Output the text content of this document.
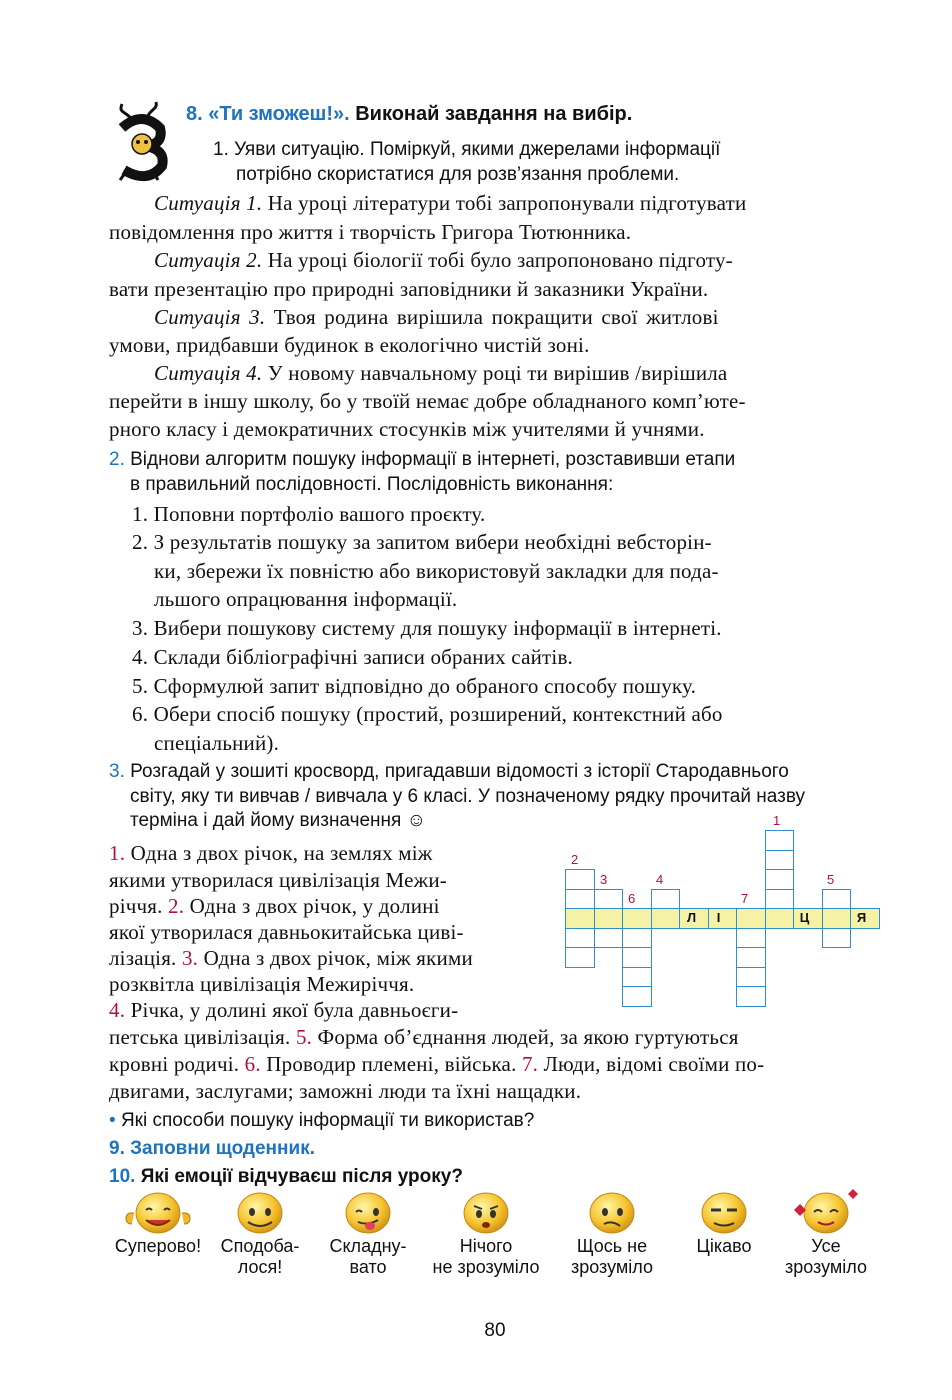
8. «Ти зможеш!». Виконай завдання на вибір.
1. Уяви ситуацію. Поміркуй, якими джерелами інформації
потрібно скористатися для розв’язання проблеми.
Ситуація 1. На уроці літератури тобі запропонували підготувати
повідомлення про життя і творчість Григора Тютюнника.
Ситуація 2. На уроці біології тобі було запропоновано підготу-
вати презентацію про природні заповідники й заказники України.
Ситуація 3. Твоя родина вирішила покращити свої житлові
умови, придбавши будинок в екологічно чистій зоні.
Ситуація 4. У новому навчальному році ти вирішив /вирішила
перейти в іншу школу, бо у твоїй немає добре обладнаного комп’юте-
рного класу і демократичних стосунків між учителями й учнями.
2. Віднови алгоритм пошуку інформації в інтернеті, розставивши етапи
в правильний послідовності. Послідовність виконання:
1. Поповни портфоліо вашого проєкту.
2. З результатів пошуку за запитом вибери необхідні вебсторін-
ки, збережи їх повністю або використовуй закладки для пода-
льшого опрацювання інформації.
3. Вибери пошукову систему для пошуку інформації в інтернеті.
4. Склади бібліографічні записи обраних сайтів.
5. Сформулюй запит відповідно до обраного способу пошуку.
6. Обери спосіб пошуку (простий, розширений, контекстний або
спеціальний).
3. Розгадай у зошиті кросворд, пригадавши відомості з історії Стародавнього
світу, яку ти вивчав / вивчала у 6 класі. У позначеному рядку прочитай назву
терміна і дай йому визначення ☺
1. Одна з двох річок, на землях між
якими утворилася цивілізація Межи-
річчя. 2. Одна з двох річок, у долині
якої утворилася давньокитайська циві-
лізація. 3. Одна з двох річок, між якими
розквітла цивілізація Межиріччя.
4. Річка, у долині якої була давньоєги-
петська цивілізація. 5. Форма об’єднання людей, за якою гуртуються
кровні родичі. 6. Проводир племені, війська. 7. Люди, відомі своїми по-
двигами, заслугами; заможні люди та їхні нащадки.
1
2
3	4	5
6	7
Л	І	Ц	Я
• Які способи пошуку інформації ти використав?
9. Заповни щоденник.
10. Які емоції відчуваєш після уроку?
Суперово!	Сподоба-
лося!
Складну-
вато
Нічого
не зрозуміло
Щось не
зрозуміло
Цікаво	Усе
зрозуміло
80
